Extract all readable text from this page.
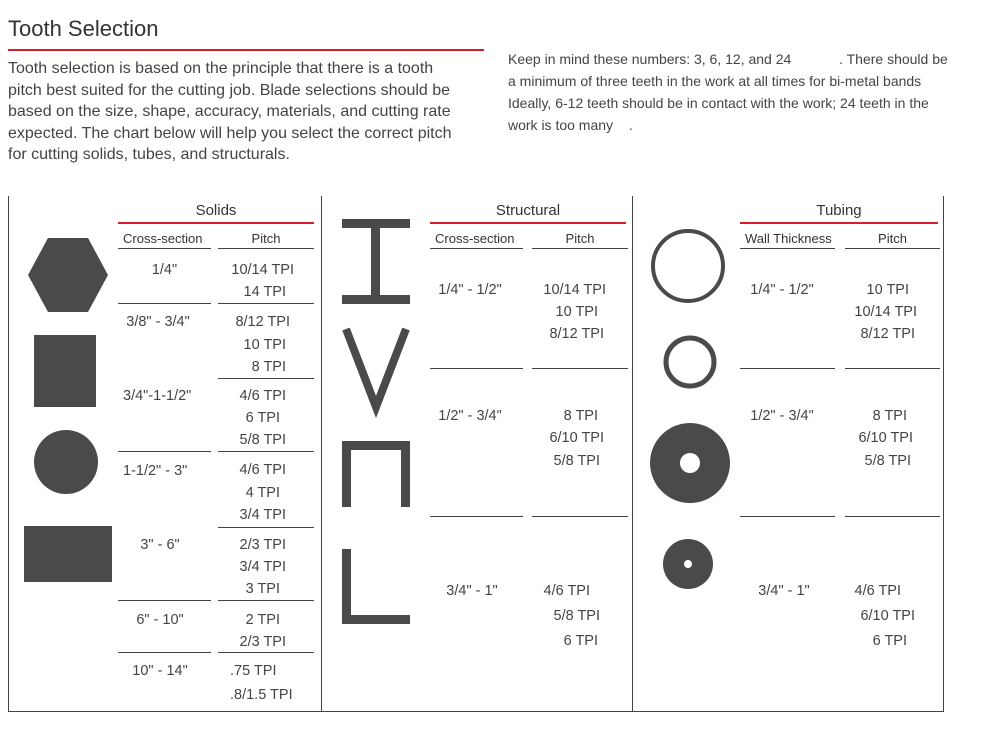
Tooth Selection
Tooth selection is based on the principle that there is a tooth pitch best suited for the cutting job. Blade selections should be based on the size, shape, accuracy, materials, and cutting rate expected. The chart below will help you select the correct pitch for cutting solids, tubes, and structurals.
Keep in mind these numbers: 3, 6, 12, and 24	. There should be a minimum of three teeth in the work at all times for bi-metal bands Ideally, 6-12 teeth should be in contact with the work; 24 teeth in the work is too many .
Solids
Cross-section	Pitch
1/4"	10/14 TPI
14 TPI
3/8" - 3/4"	8/12 TPI
10 TPI
8 TPI
3/4"-1-1/2"	4/6 TPI
6 TPI
5/8 TPI
1-1/2" - 3"	4/6 TPI
4 TPI
3/4 TPI
3" - 6"	2/3 TPI
3/4 TPI
3 TPI
6" - 10"	2 TPI
2/3 TPI
10" - 14"	.75 TPI
.8/1.5 TPI
Structural
Cross-section	Pitch
1/4" - 1/2"	10/14 TPI
10 TPI
8/12 TPI
1/2" - 3/4"	8 TPI
6/10 TPI
5/8 TPI
3/4" - 1"	4/6 TPI
5/8 TPI
6 TPI
Tubing
Wall Thickness	Pitch
1/4" - 1/2"	10 TPI
10/14 TPI
8/12 TPI
1/2" - 3/4"	8 TPI
6/10 TPI
5/8 TPI
3/4" - 1"	4/6 TPI
6/10 TPI
6 TPI
